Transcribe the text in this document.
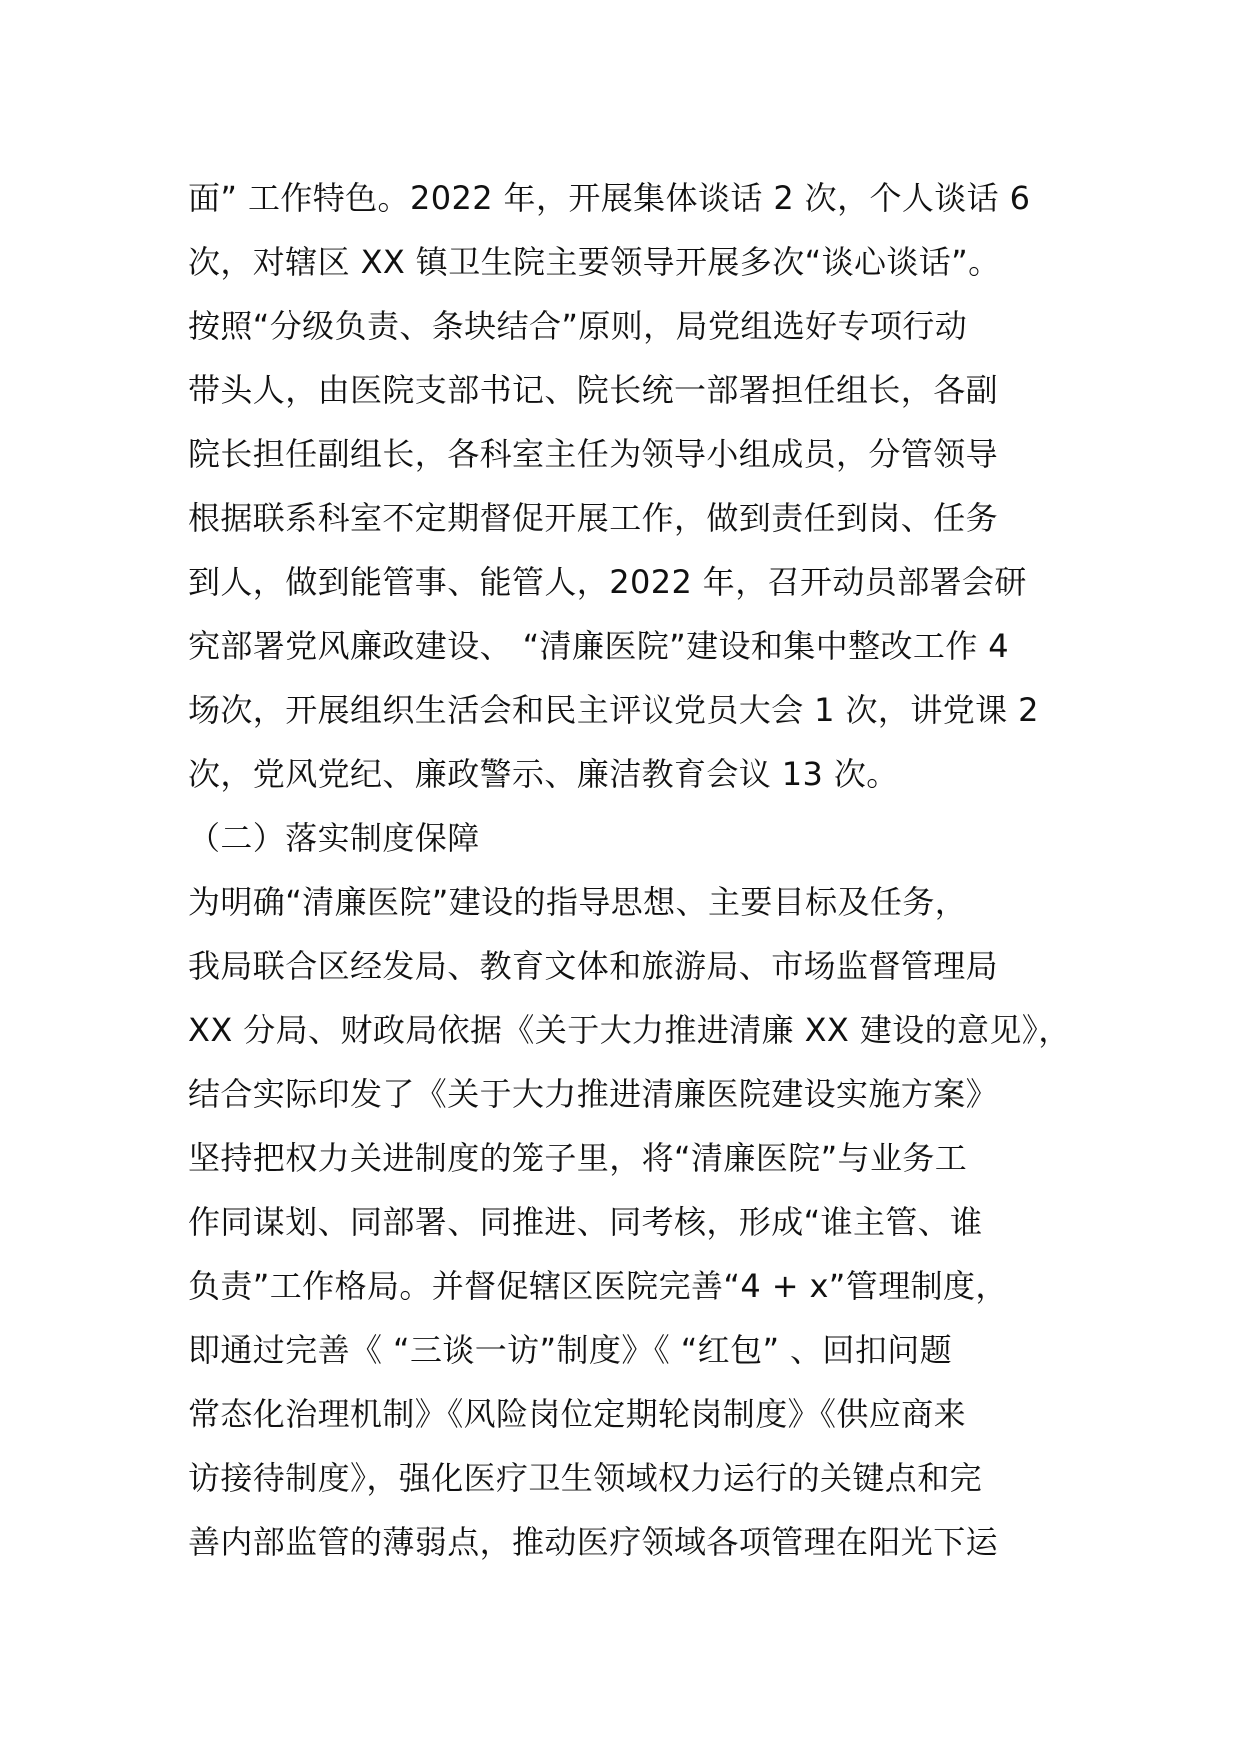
面” 工作特色。2022 年，开展集体谈话 2 次，个人谈话 6
次，对辖区 XX 镇卫生院主要领导开展多次“谈心谈话”。
按照“分级负责、条块结合”原则，局党组选好专项行动
带头人，由医院支部书记、院长统一部署担任组长，各副
院长担任副组长，各科室主任为领导小组成员，分管领导
根据联系科室不定期督促开展工作，做到责任到岗、任务
到人，做到能管事、能管人，2022 年，召开动员部署会研
究部署党风廉政建设、 “清廉医院”建设和集中整改工作 4
场次，开展组织生活会和民主评议党员大会 1 次，讲党课 2
次，党风党纪、廉政警示、廉洁教育会议 13 次。
（二）落实制度保障
为明确“清廉医院”建设的指导思想、主要目标及任务，
我局联合区经发局、教育文体和旅游局、市场监督管理局
XX 分局、财政局依据《关于大力推进清廉 XX 建设的意见》，
结合实际印发了《关于大力推进清廉医院建设实施方案》
坚持把权力关进制度的笼子里，将“清廉医院”与业务工
作同谋划、同部署、同推进、同考核，形成“谁主管、谁
负责”工作格局。并督促辖区医院完善“4 + x”管理制度，
即通过完善《 “三谈一访”制度》《 “红包” 、回扣问题
常态化治理机制》《风险岗位定期轮岗制度》《供应商来
访接待制度》，强化医疗卫生领域权力运行的关键点和完
善内部监管的薄弱点，推动医疗领域各项管理在阳光下运
